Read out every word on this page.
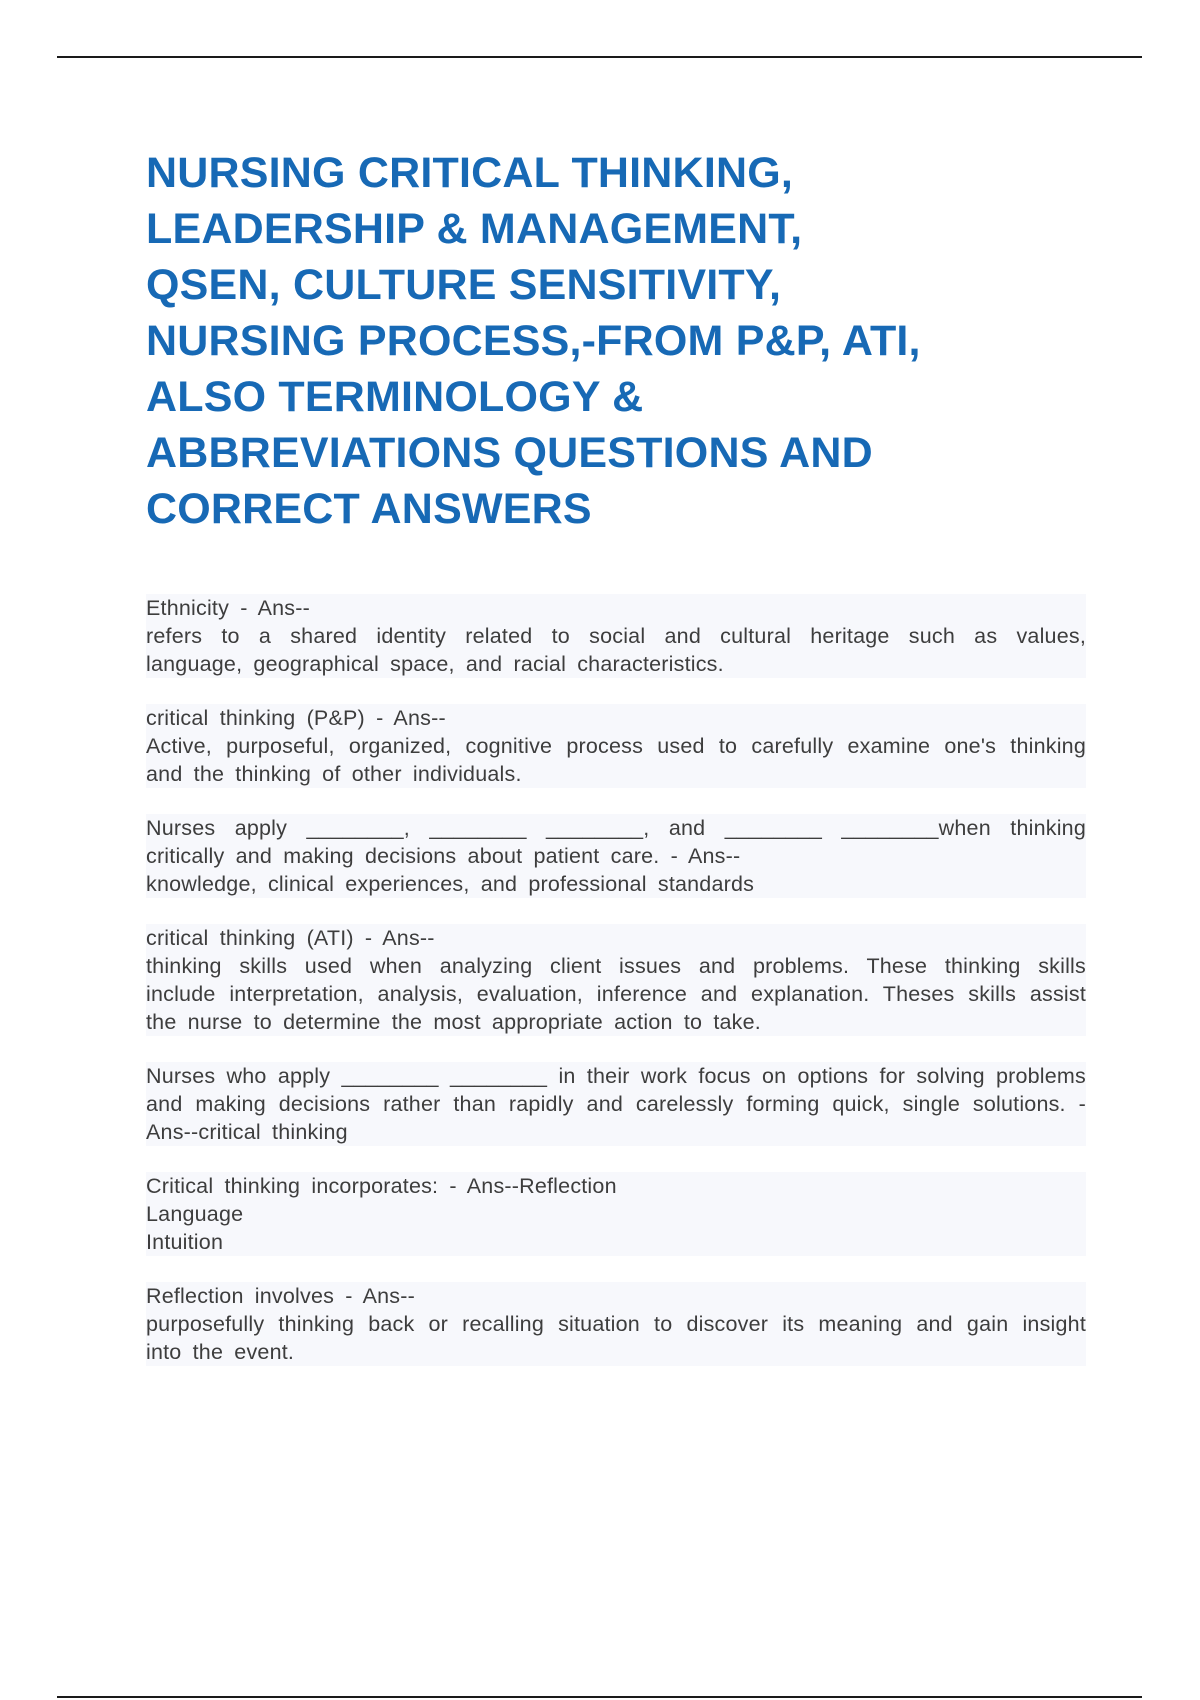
NURSING CRITICAL THINKING,
LEADERSHIP & MANAGEMENT,
QSEN, CULTURE SENSITIVITY,
NURSING PROCESS,-FROM P&P, ATI,
ALSO TERMINOLOGY &
ABBREVIATIONS QUESTIONS AND
CORRECT ANSWERS
Ethnicity - Ans--
refers to a shared identity related to social and cultural heritage such as values, language, geographical space, and racial characteristics.
critical thinking (P&P) - Ans--
Active, purposeful, organized, cognitive process used to carefully examine one's thinking and the thinking of other individuals.
Nurses apply ________, ________ ________, and ________ ________when thinking critically and making decisions about patient care. - Ans--
knowledge, clinical experiences, and professional standards
critical thinking (ATI) - Ans--
thinking skills used when analyzing client issues and problems. These thinking skills include interpretation, analysis, evaluation, inference and explanation. Theses skills assist the nurse to determine the most appropriate action to take.
Nurses who apply ________ ________ in their work focus on options for solving problems and making decisions rather than rapidly and carelessly forming quick, single solutions. - Ans--critical thinking
Critical thinking incorporates: - Ans--Reflection
Language
Intuition
Reflection involves - Ans--
purposefully thinking back or recalling situation to discover its meaning and gain insight into the event.
